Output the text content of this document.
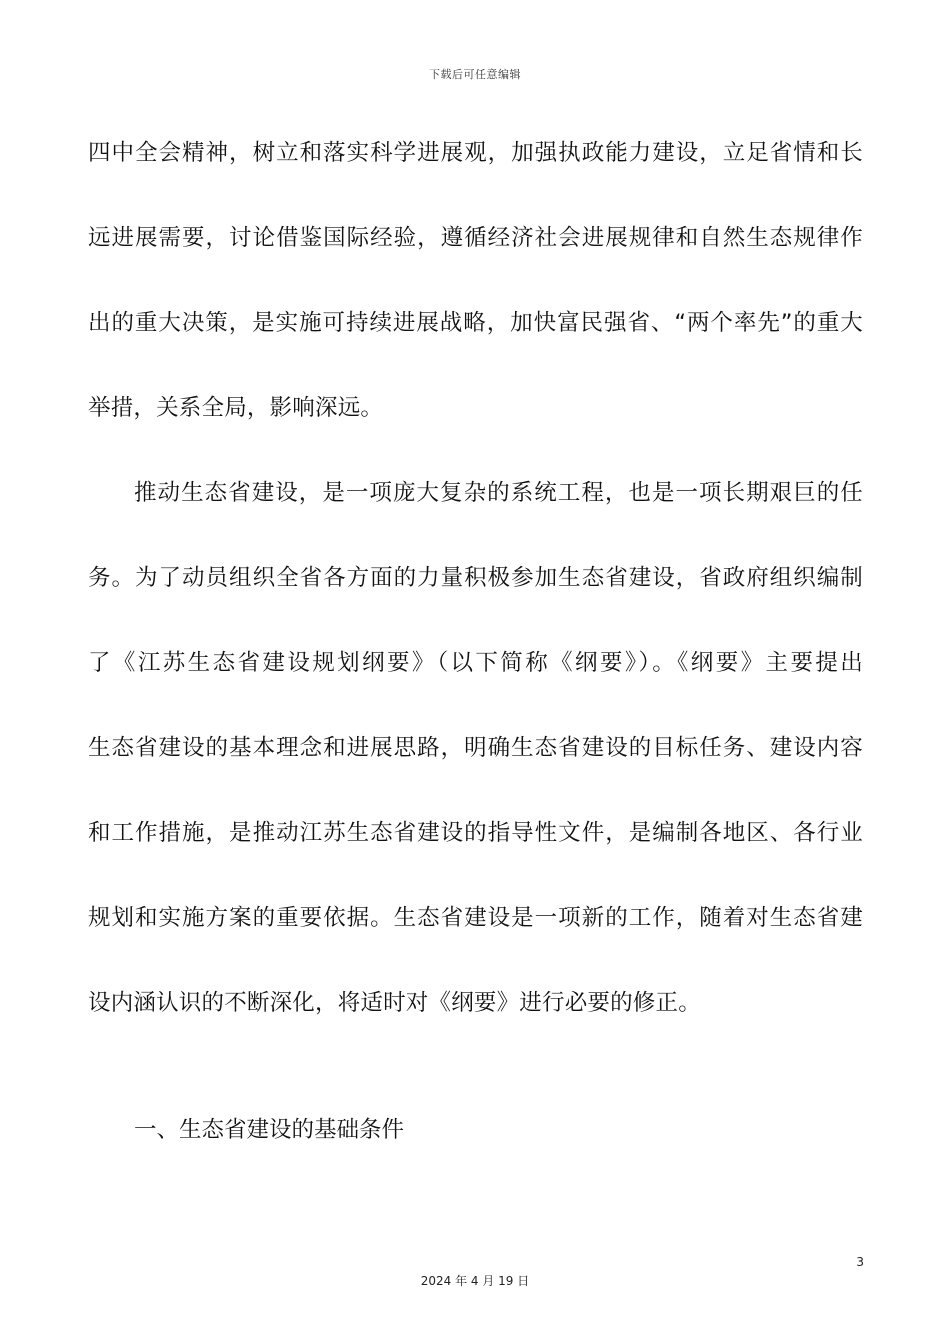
下载后可任意编辑
四中全会精神，树立和落实科学进展观，加强执政能力建设，立足省情和长
远进展需要，讨论借鉴国际经验，遵循经济社会进展规律和自然生态规律作
出的重大决策，是实施可持续进展战略，加快富民强省、“两个率先”的重大
举措，关系全局，影响深远。
推动生态省建设，是一项庞大复杂的系统工程，也是一项长期艰巨的任
务。为了动员组织全省各方面的力量积极参加生态省建设，省政府组织编制
了《江苏生态省建设规划纲要》（以下简称《纲要》）。《纲要》主要提出
生态省建设的基本理念和进展思路，明确生态省建设的目标任务、建设内容
和工作措施，是推动江苏生态省建设的指导性文件，是编制各地区、各行业
规划和实施方案的重要依据。生态省建设是一项新的工作，随着对生态省建
设内涵认识的不断深化，将适时对《纲要》进行必要的修正。
一、生态省建设的基础条件
3
2024 年 4 月 19 日
